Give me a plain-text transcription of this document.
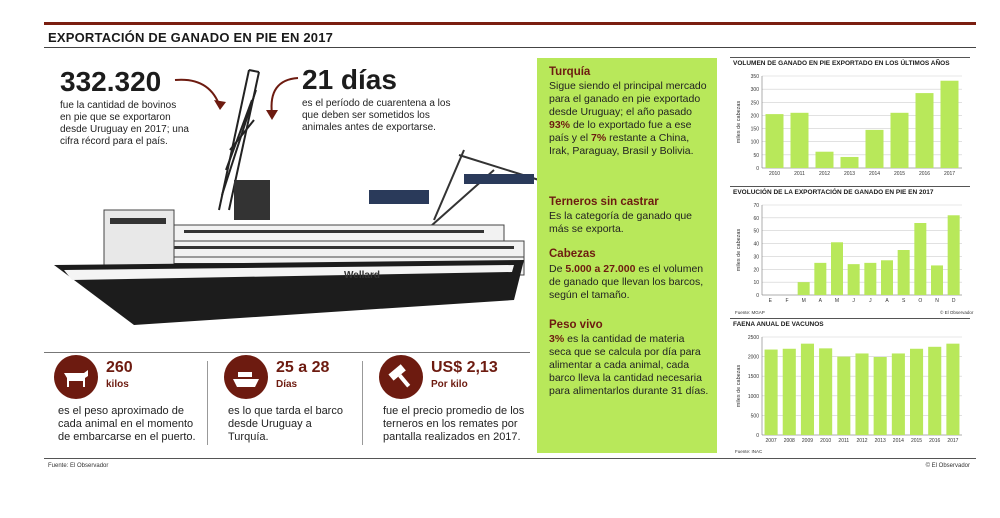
EXPORTACIÓN DE GANADO EN PIE EN 2017
Wellard
332.320
fue la cantidad de bovinos en pie que se exportaron desde Uruguay en 2017; una cifra récord para el país.
21 días
es el período de cuarentena a los que deben ser sometidos los animales antes de exportarse.
260
kilos
es el peso aproximado de cada animal en el momento de embarcarse en el puerto.
25 a 28
Días
es lo que tarda el barco desde Uruguay a Turquía.
US$ 2,13
Por kilo
fue el precio promedio de los terneros en los remates por pantalla realizados en 2017.
Fuente: El Observador	© El Observador
Turquía
Sigue siendo el principal mercado para el ganado en pie exportado desde Uruguay; el año pasado 93% de lo exportado fue a ese país y el 7% restante a China, Irak, Paraguay, Brasil y Bolivia.
Terneros sin castrar
Es la categoría de ganado que más se exporta.
Cabezas
De 5.000 a 27.000 es el volumen de ganado que llevan los barcos, según el tamaño.
Peso vivo
3% es la cantidad de materia seca que se calcula por día para alimentar a cada animal, cada barco lleva la cantidad necesaria para alimentarlos durante 31 días.
VOLUMEN DE GANADO EN PIE EXPORTADO EN LOS ÚLTIMOS AÑOS
0
50
100
150
200
250
300
350
miles de cabezas
2010	2011	2012	2013	2014	2015	2016	2017
EVOLUCIÓN DE LA EXPORTACIÓN DE GANADO EN PIE EN 2017
0
10
20
30
40
50
60
70
miles de cabezas
E	F	M	A	M	J	J	A	S	O	N	D
Fuente: MGAP	© El Observador
FAENA ANUAL DE VACUNOS
0
500
1000
1500
2000
2500
miles de cabezas
2007 2008 2009 2010 2011 2012 2013 2014 2015 2016 2017
Fuente: INAC
